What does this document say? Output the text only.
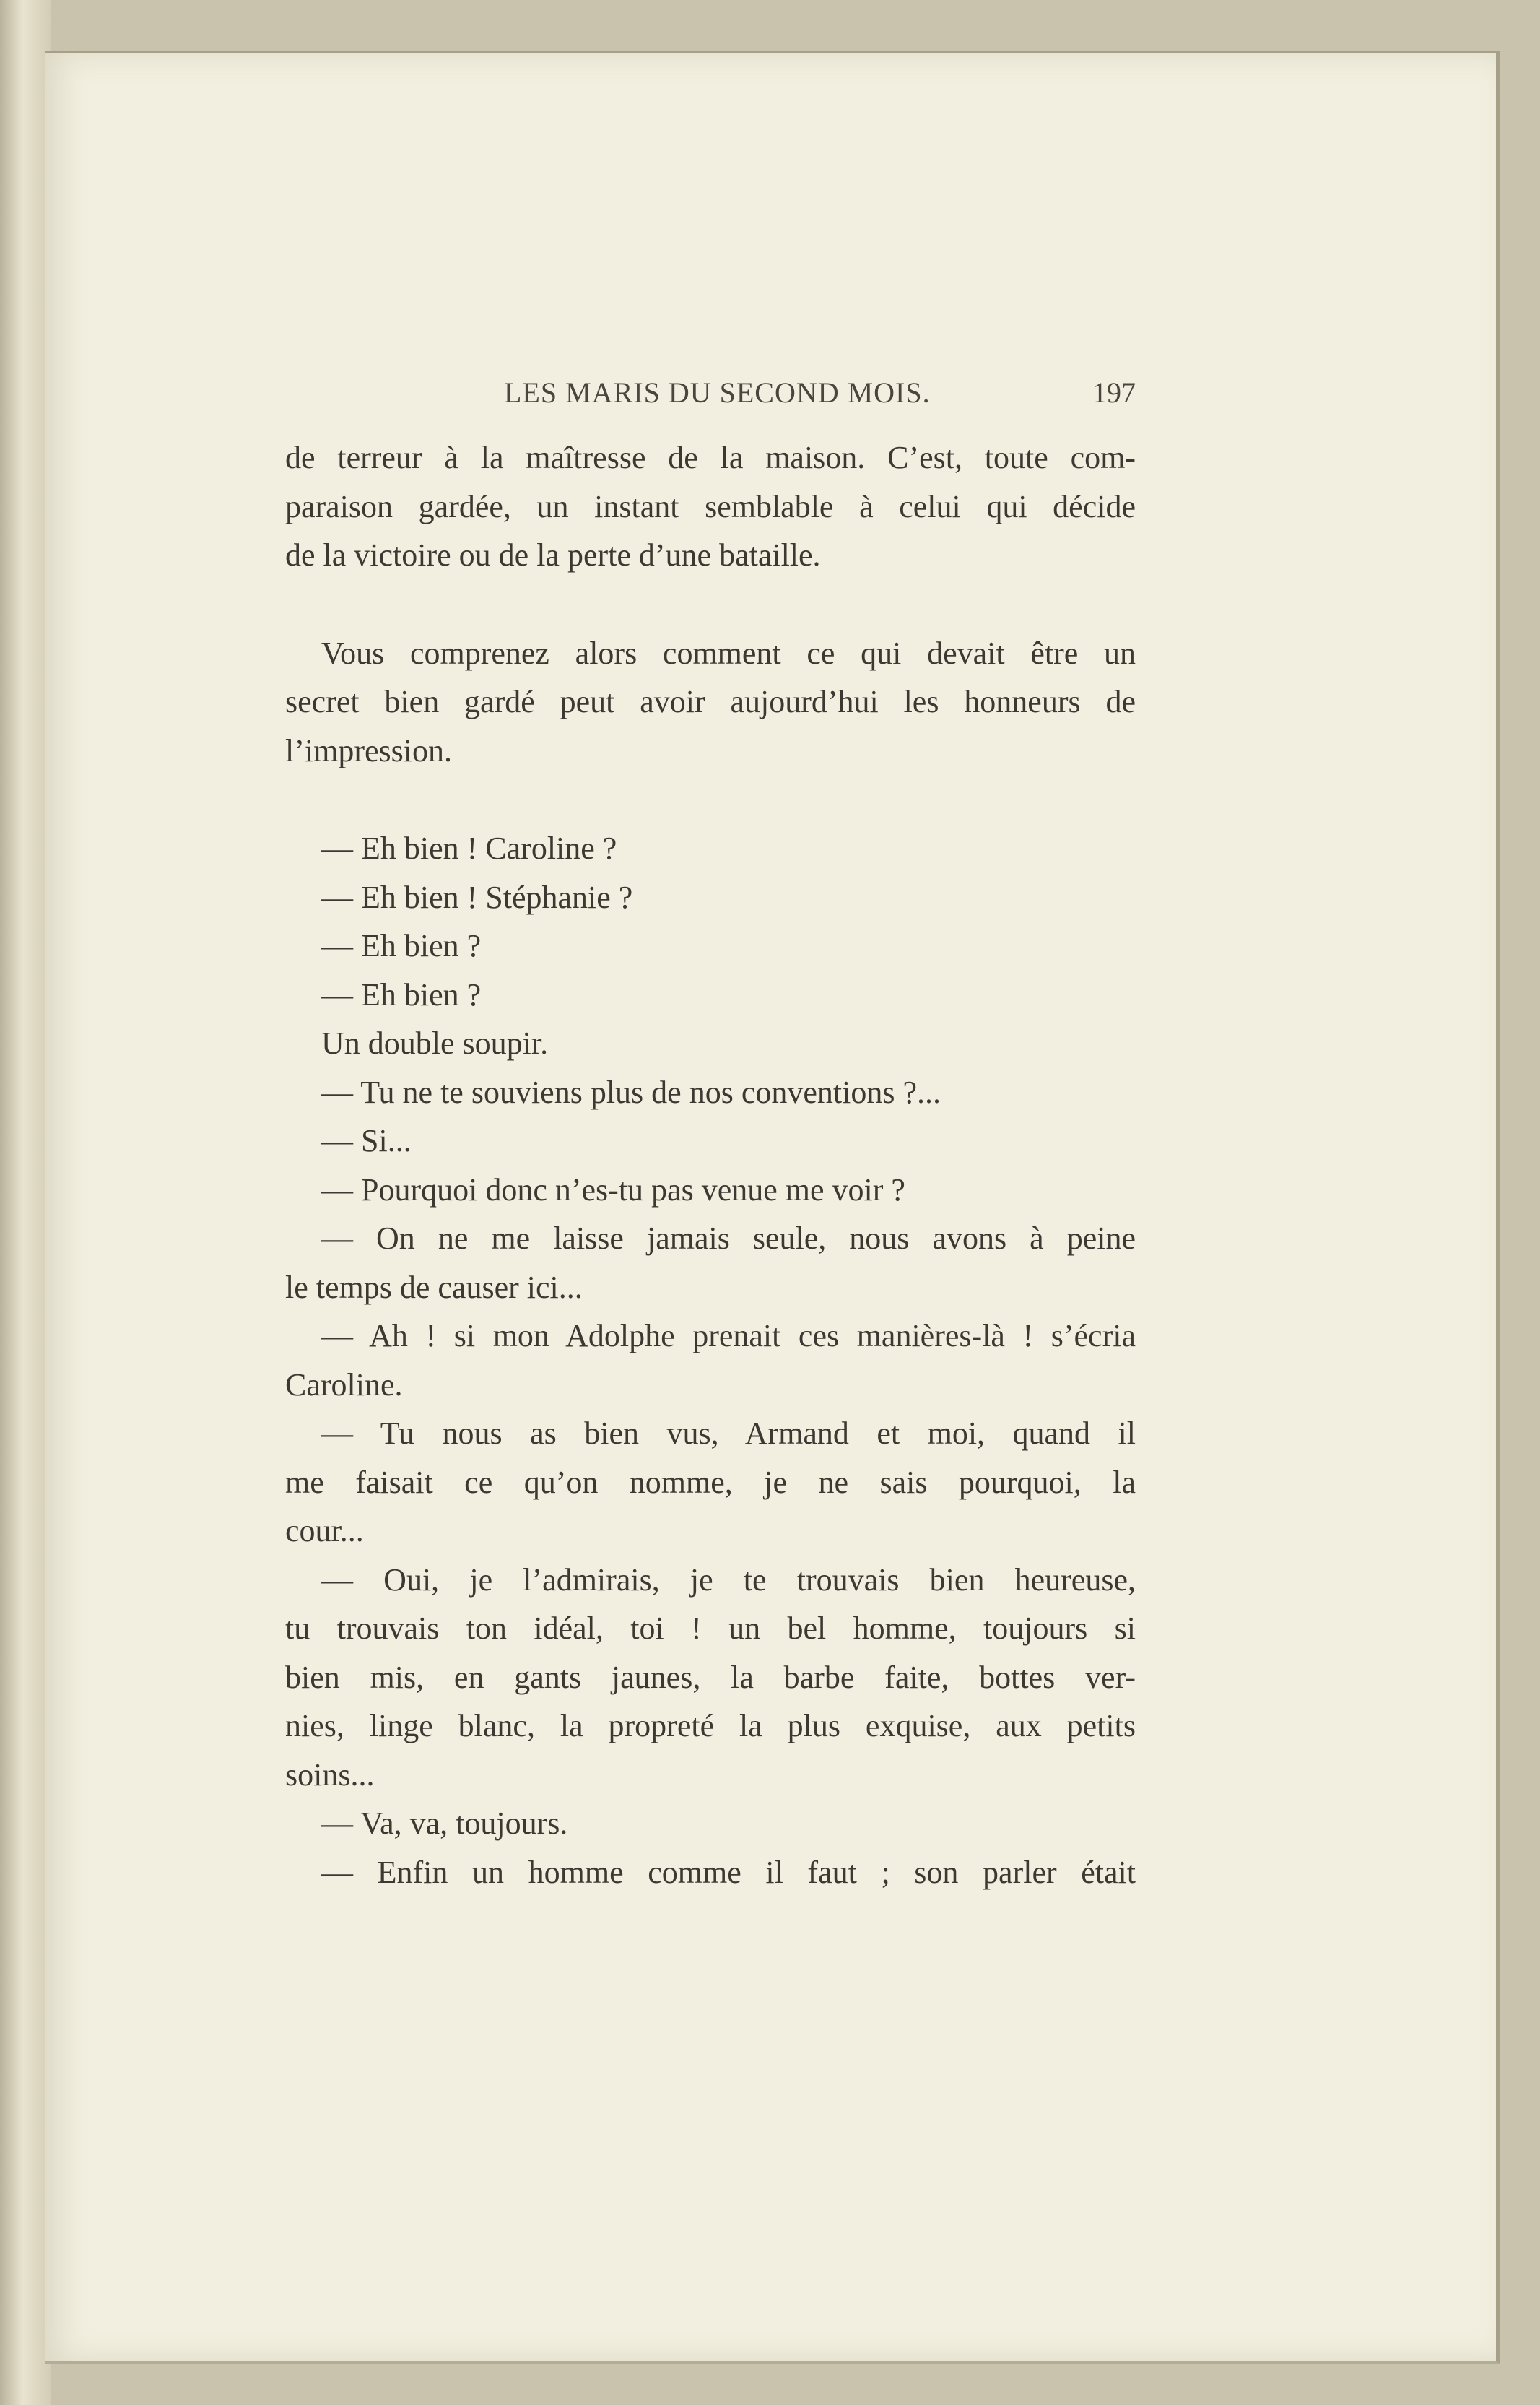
LES MARIS DU SECOND MOIS.	197

de terreur à la maîtresse de la maison. C’est, toute com-

paraison gardée, un instant semblable à celui qui décide

de la victoire ou de la perte d’une bataille.

Vous comprenez alors comment ce qui devait être un

secret bien gardé peut avoir aujourd’hui les honneurs de

l’impression.

— Eh bien ! Caroline ?

— Eh bien ! Stéphanie ?

— Eh bien ?

— Eh bien ?

Un double soupir.

— Tu ne te souviens plus de nos conventions ?...

— Si...

— Pourquoi donc n’es-tu pas venue me voir ?

— On ne me laisse jamais seule, nous avons à peine

le temps de causer ici...

— Ah ! si mon Adolphe prenait ces manières-là ! s’écria

Caroline.

— Tu nous as bien vus, Armand et moi, quand il

me faisait ce qu’on nomme, je ne sais pourquoi, la

cour...

— Oui, je l’admirais, je te trouvais bien heureuse,

tu trouvais ton idéal, toi ! un bel homme, toujours si

bien mis, en gants jaunes, la barbe faite, bottes ver-

nies, linge blanc, la propreté la plus exquise, aux petits

soins...

— Va, va, toujours.

— Enfin un homme comme il faut ; son parler était
